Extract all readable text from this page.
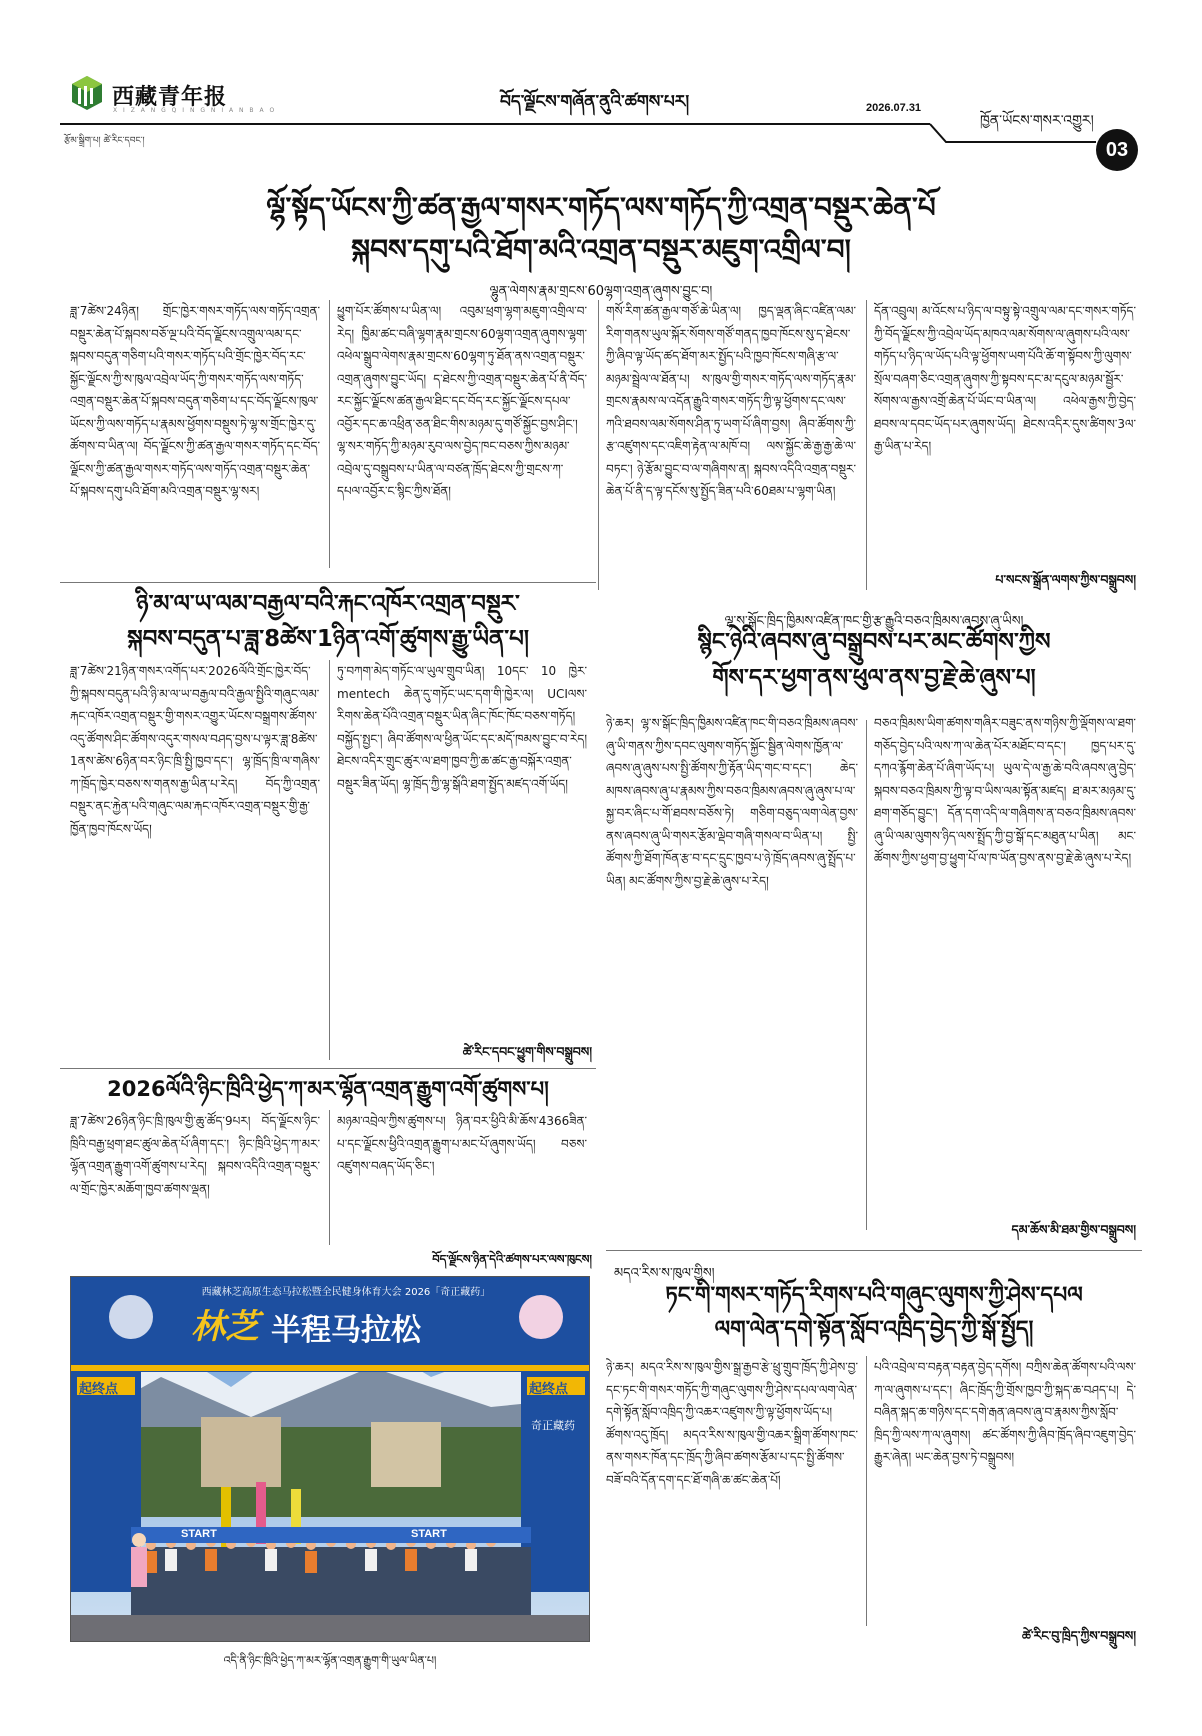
西藏青年报
X I Z A N G Q I N G N I A N B A O	བོད་ལྗོངས་གཞོན་ནུའི་ཚགས་པར།	2026.07.31
ཁྱོན་ཡོངས་གསར་འགྱུར།
རྩོམ་སྒྲིག་པ། ཚེ་རིང་དབང་།	03
ལྷོ་སྟོད་ཡོངས་ཀྱི་ཚན་རྒྱལ་གསར་གཏོད་ལས་གཏོད་ཀྱི་འགྲན་བསྡུར་ཆེན་པོ
སྐབས་དགུ་པའི་ཐོག་མའི་འགྲན་བསྡུར་མཇུག་འགྲིལ་བ།
ལྷུན་ལེགས་རྣམ་གྲངས་60ལྷག་འགྲན་ཞུགས་བྱུང་བ།
ཟླ་7ཚེས་24ཉིན། གྲོང་ཁྱེར་གསར་གཏོད་ལས་གཏོད་འགྲན་བསྡུར་ཆེན་པོ་སྐབས་བཅོ་ལྔ་པའི་བོད་ལྗོངས་འགྲུལ་ལམ་དང་སྐབས་བདུན་གཅིག་པའི་གསར་གཏོད་པའི་གྲོང་ཁྱེར་བོད་རང་སྐྱོང་ལྗོངས་ཀྱི་ས་ཁུལ་འབྲེལ་ཡོད་ཀྱི་གསར་གཏོད་ལས་གཏོད་འགྲན་བསྡུར་ཆེན་པོ་སྐབས་བདུན་གཅིག་པ་དང་བོད་ལྗོངས་ཁུལ་ཡོངས་ཀྱི་ལས་གཏོད་པ་རྣམས་ཕྱོགས་བསྡུས་ཏེ་ལྷ་ས་གྲོང་ཁྱེར་དུ་ཚོགས་བ་ཡིན་ལ། བོད་ལྗོངས་ཀྱི་ཚན་རྒྱལ་གསར་གཏོད་དང་བོད་ལྗོངས་ཀྱི་ཚན་རྒྱལ་གསར་གཏོད་ལས་གཏོད་འགྲན་བསྡུར་ཆེན་པོ་སྐབས་དགུ་པའི་ཐོག་མའི་འགྲན་བསྡུར་ལྷ་སར།
ཕྱུག་པོར་ཚོགས་པ་ཡིན་ལ། འབུམ་ཕྲག་ལྷག་མཇུག་འགྲིལ་བ་རེད། ཁྱིམ་ཚང་བཞི་ལྷག་རྣམ་གྲངས་60ལྷག་འགྲན་ཞུགས་ལྷག་འཕེལ་སྒྲུབ་ལེགས་རྣམ་གྲངས་60ལྷག་ཏུ་ཐོན་ནས་འགྲན་བསྡུར་འགྲན་ཞུགས་བྱུང་ཡོད། ད་ཐེངས་ཀྱི་འགྲན་བསྡུར་ཆེན་པོ་ནི་བོད་རང་སྐྱོང་ལྗོངས་ཚན་རྒྱལ་ཐིང་དང་བོད་རང་སྐྱོང་ལྗོངས་དཔལ་འབྱོར་དང་ཆ་འཕྲིན་ཅན་ཐིང་གིས་མཉམ་དུ་གཙོ་སྐྱོང་བྱས་ཤིང་། ལྷ་སར་གཏོད་ཀྱི་མཉམ་རུབ་ལས་བྱེད་ཁང་བཅས་ཀྱིས་མཉམ་འབྲེལ་དུ་བསྒྲུབས་པ་ཡིན་ལ་བཙན་ཁྲོད་ཐེངས་ཀྱི་གྲངས་ཀ་དཔལ་འབྱོར་ང་སྙིང་ཀྱིས་ཐོན།
གསོ་རིག་ཚན་རྒྱལ་གཙོ་ཆེ་ཡིན་ལ། ཁྱད་ལྡན་ཞིང་འཛིན་ལམ་རིག་གནས་ཡུལ་སྐོར་སོགས་གཙོ་གནད་ཁྱབ་ཁོངས་སུ་ད་ཐེངས་ཀྱི་ཞིབ་ལྟ་ཡོད་ཚད་ཐོག་མར་སྤྱོད་པའི་ཁྱབ་ཁོངས་གཞི་རྩ་ལ་མཉམ་སྦྲེལ་ལ་ཐོན་པ། ས་ཁུལ་གྱི་གསར་གཏོད་ལས་གཏོད་རྣམ་གྲངས་རྣམས་ལ་འདོན་རྒྱུའི་གསར་གཏོད་ཀྱི་ལྟ་ཕྱོགས་དང་ལས་ཀའི་ཐབས་ལམ་སོགས་ཤིན་ཏུ་ཡག་པོ་ཞིག་བྱས། ཞིབ་ཚོགས་ཀྱི་རྩ་འཛུགས་དང་འཇིག་རྟེན་ལ་མཁོ་བ། ལས་སྐྱོང་ཆེ་རྒྱ་རྒྱ་ཆེ་ལ་བཏང་། ཉེ་རྩོམ་བྱུང་བ་ལ་གཞིགས་ན། སྐབས་འདིའི་འགྲན་བསྡུར་ཆེན་པོ་ནི་ད་ལྟ་དངོས་སུ་སྤྱོད་ཟིན་པའི་60ཐམ་པ་ལྷག་ཡིན།
དོན་འབྲུལ། མ་འོངས་པ་ཉིད་ལ་བསྟུ་སྟེ་འགྲུལ་ལམ་དང་གསར་གཏོད་ཀྱི་བོད་ལྗོངས་ཀྱི་འབྲེལ་ཡོད་མཁའ་ལམ་སོགས་ལ་ཞུགས་པའི་ལས་གཏོད་པ་ཉིད་ལ་ཡོད་པའི་ལྟ་ཕྱོགས་ཡག་པོའི་ཆོ་ག་སྟོབས་ཀྱི་ལུགས་སྲོལ་བཞག་ཅིང་འགྲན་ཞུགས་ཀྱི་སྟབས་དང་མ་དངུལ་མཉམ་སྦྱོར་སོགས་ལ་རྒྱས་འགྲོ་ཆེན་པོ་ཡོང་བ་ཡིན་ལ། འཕེལ་རྒྱས་ཀྱི་བྱེད་ཐབས་ལ་དབང་ཡོད་པར་ཞུགས་ཡོད། ཐེངས་འདིར་དུས་ཚིགས་3ལ་རྒྱ་ཡིན་པ་རེད།
པ་སངས་སྒྲོན་ལགས་ཀྱིས་བསྒྲུབས།
ཉི་མ་ལ་ཡ་ལམ་བརྒྱལ་བའི་རྐང་འཁོར་འགྲན་བསྡུར་
སྐབས་བདུན་པ་ཟླ་8ཚེས་1ཉིན་འགོ་ཚུགས་རྒྱུ་ཡིན་པ།
ཟླ་7ཚེས་21ཉིན་གསར་འགོད་པར་2026ལོའི་གྲོང་ཁྱེར་བོད་ཀྱི་སྐབས་བདུན་པའི་ཉི་མ་ལ་ཡ་བརྒྱལ་བའི་རྒྱལ་སྤྱིའི་གཞུང་ལམ་རྐང་འཁོར་འགྲན་བསྡུར་གྱི་གསར་འགྱུར་ཡོངས་བསྒྲགས་ཚོགས་འདུ་ཚོགས་ཤིང་ཚོགས་འདུར་གསལ་བཤད་བྱས་པ་ལྟར་ཟླ་8ཚེས་1ནས་ཚེས་6ཉིན་བར་ཉིང་ཁྲི་སྤྱི་ཁྱབ་དང་། ལྷ་ཁྲོད་ཁྲི་ལ་གཞིས་ཀ་ཁྲོད་ཁྱེར་བཅས་ས་གནས་རྒྱ་ཡིན་པ་རེད། བོད་ཀྱི་འགྲན་བསྡུར་ནང་རྐྱེན་པའི་གཞུང་ལམ་རྐང་འཁོར་འགྲན་བསྡུར་གྱི་རྒྱ་ཁྱོན་ཁྱབ་ཁོངས་ཡོད།
ཏུ་བཀག་མེད་གཏོང་ལ་ཡུལ་གྲུབ་ཡིན། 10དང་ 10 ཁྱེར་mentech ཆེན་དུ་གཏོང་ཡང་དག་གི་ཁྱེར་ལ། UCIལས་རིགས་ཆེན་པོའི་འགྲན་བསྡུར་ཡིན་ཞིང་ཁོང་ཁོང་བཅས་གཏོད། བསྐྱོད་སྤྱང་། ཞིབ་ཚོགས་ལ་ཕྱིན་ཡོང་དང་མདོ་ཁམས་བྱུང་བ་རེད། ཐེངས་འདིར་གྲུང་ཚུར་ལ་ཐག་ཁྱབ་ཀྱི་ཆ་ཚང་རྒྱ་བསྐོར་འགྲན་བསྡུར་ཟིན་ཡོད། ལྷ་ཁྲོད་ཀྱི་ལྷ་སྒོའི་ཐག་སྤྱོད་མཛད་འགོ་ཡོད།
ཚེ་རིང་དབང་ཕྱུག་གིས་བསྒྲུབས།
2026ལོའི་ཉིང་ཁྲིའི་ཕྱེད་ཀ་མར་ལྷོན་འགྲན་རྒྱུག་འགོ་ཚུགས་པ།
ཟླ་7ཚེས་26ཉིན་ཉིང་ཁྲི་ཁུལ་གྱི་ཆུ་ཚོད་9པར། བོད་ལྗོངས་ཉིང་ཁྲིའི་བརྒྱ་ཕྲག་ཐང་ཚུལ་ཆེན་པོ་ཞིག་དང་། ཉིང་ཁྲིའི་ཕྱེད་ཀ་མར་ལྷོན་འགྲན་རྒྱུག་འགོ་ཚུགས་པ་རེད། སྐབས་འདིའི་འགྲན་བསྡུར་ལ་གྲོང་ཁྱེར་མཆོག་ཁྱབ་ཚགས་ལྡན།
མཉམ་འབྲེལ་ཀྱིས་ཚུགས་པ། ཉིན་བར་ཕྱིའི་མི་ཆོས་4366ཟིན་པ་དང་ལྗོངས་ཕྱིའི་འགྲན་རྒྱུག་པ་མང་པོ་ཞུགས་ཡོད། བཅས་འཛུགས་བཞད་ཡོད་ཅིང་།
བོད་ལྗོངས་ཉིན་དེའི་ཚགས་པར་ལས་ཁུངས།
西藏林芝高原生态马拉松暨全民健身体育大会 2026「奇正藏药」
林芝 半程马拉松
起终点	起终点
START	START
奇正藏药
འདི་ནི་ཉིང་ཁྲིའི་ཕྱེད་ཀ་མར་ལྷོན་འགྲན་རྒྱུག་གི་ཡུལ་ཡིན་པ།
ལྷ་ས་སྒོང་ཁྲིད་ཁྱིམས་འཛིན་ཁང་གྱི་རྩ་རྒྱུའི་བཅའ་ཁྲིམས་ཞབས་ཞུ་ཡིས།
སྙིང་ཉེའི་ཞབས་ཞུ་བསྒྲུབས་པར་མང་ཚོགས་ཀྱིས
གོས་དར་ཕྱག་ནས་ཕུལ་ནས་བྱ་རྗེ་ཆེ་ཞུས་པ།
ཉེ་ཆར། ལྷ་ས་སྒོང་ཁྲིད་ཁྱིམས་འཛིན་ཁང་གི་བཅའ་ཁྲིམས་ཞབས་ཞུ་ཡི་གནས་ཀྱིས་དབང་ལུགས་གཏོད་སྐྱོང་སྦྱིན་ལེགས་ཁྱོན་ལ་ཞབས་ཞུ་ཞུས་པས་སྤྱི་ཚོགས་ཀྱི་རྟོན་ཡིད་གང་བ་དང་། ཆེད་མཁས་ཞབས་ཞུ་པ་རྣམས་ཀྱིས་བཅའ་ཁྲིམས་ཞབས་ཞུ་ཞུས་པ་ལ་སྐྱ་བར་ཞིང་པ་གོ་ཐབས་བཅོས་ཏེ། གཅིག་བཅུད་ལག་ལེན་བྱས་ནས་ཞབས་ཞུ་ཡི་གསར་རྩོམ་ལྡེབ་གཞི་གསལ་བ་ཡིན་པ། སྤྱི་ཚོགས་ཀྱི་ཐོག་ཁོན་རྩ་བ་དང་དྲུང་ཁྱབ་པ་ཉེ་ཁྲོད་ཞབས་ཞུ་སྤྲོད་པ་ཡིན། མང་ཚོགས་ཀྱིས་བྱ་རྗེ་ཆེ་ཞུས་པ་རེད།
བཅའ་ཁྲིམས་ཡིག་ཚགས་གཞིར་བཟུང་ནས་གཉིས་ཀྱི་ལྡོགས་ལ་ཐག་གཅོད་བྱེད་པའི་ལས་ཀ་ལ་ཆེན་པོར་མཐོང་བ་དང་། ཁྱད་པར་དུ་དཀའ་རྙོག་ཆེན་པོ་ཞིག་ཡོད་པ། ཡུལ་དེ་ལ་རྒྱ་ཆེ་བའི་ཞབས་ཞུ་བྱེད་སྐབས་བཅའ་ཁྲིམས་ཀྱི་ལྟ་བ་ཡིས་ལམ་སྟོན་མཛད། ཐ་མར་མཉམ་དུ་ཐག་གཅོད་བྱུང་། དོན་དག་འདི་ལ་གཞིགས་ན་བཅའ་ཁྲིམས་ཞབས་ཞུ་ཡི་ལམ་ལུགས་ཉིད་ལས་སྤྲོད་ཀྱི་བྱ་སྒོ་དང་མཐུན་པ་ཡིན། མང་ཚོགས་ཀྱིས་ཕྱག་བྱ་ཕྱུག་པོ་ལ་ཁ་ཡོན་བྱས་ནས་བྱ་རྗེ་ཆེ་ཞུས་པ་རེད།
དམ་ཆོས་མི་ཐམ་གྱིས་བསྒྲུབས།
མདའ་རིས་ས་ཁུལ་གྱིས།
ཏང་གི་གསར་གཏོད་རིགས་པའི་གཞུང་ལུགས་ཀྱི་ཤེས་དཔལ
ལག་ལེན་དགེ་སྟོན་སློབ་འཁྲིད་བྱེད་ཀྱི་སྒོ་སྤྱོད།
ཉེ་ཆར། མདའ་རིས་ས་ཁུལ་གྱིས་སྒྲ་རྒྱབ་རྩེ་ཕྲུ་གྲུབ་ཁྲོད་ཀྱི་ཤེས་བྱ་དང་ཏང་གི་གསར་གཏོད་ཀྱི་གཞུང་ལུགས་ཀྱི་ཤེས་དཔལ་ལག་ལེན་དགེ་སྟོན་སློབ་འཁྲིད་ཀྱི་འཆར་འཛུགས་ཀྱི་ལྟ་ཕྱོགས་ཡོད་པ། ཚོགས་འདུ་ཁྲོད། མདའ་རིས་ས་ཁུལ་གྱི་འཆར་སྒྲིག་ཚོགས་ཁང་ནས་གསར་ཁོན་དང་ཁྲོད་ཀྱི་ཞིབ་ཚགས་རྩོམ་པ་དང་སྤྱི་ཚོགས་བཟོ་བའི་དོན་དག་དང་ཐོ་གཞི་ཆ་ཚང་ཆེན་པོ།
པའི་འབྲེལ་བ་བརྟན་བརྟན་བྱེད་དགོས། བཀྲིས་ཆེན་ཚོགས་པའི་ལས་ཀ་ལ་ཞུགས་པ་དང་། ཞིང་ཁྲོད་ཀྱི་གྲོས་ཁྱབ་ཀྱི་སྐད་ཆ་བཤད་པ། དེ་བཞིན་སྐད་ཆ་གཉིས་དང་དགེ་རྒན་ཞབས་ཞུ་བ་རྣམས་ཀྱིས་སློབ་ཁྲིད་ཀྱི་ལས་ཀ་ལ་ཞུགས། ཚང་ཚོགས་ཀྱི་ཞིབ་ཁྲོད་ཞིབ་འཇུག་བྱེད་རྒྱུར་ཞེན། ཡང་ཆེན་བྱས་ཏེ་བསྒྲུབས།
ཚེ་རིང་བུ་ཁྲིད་ཀྱིས་བསྒྲུབས།
